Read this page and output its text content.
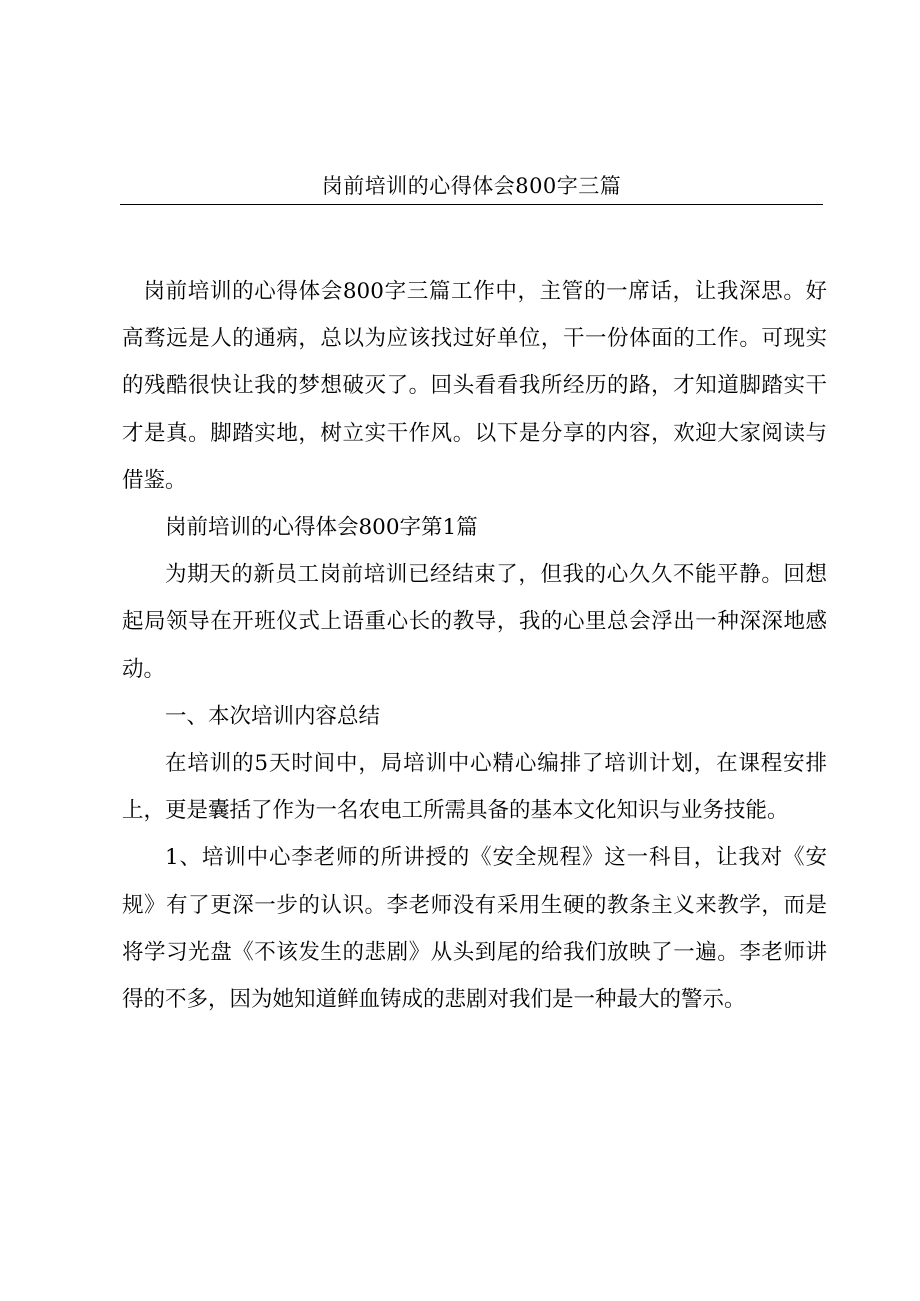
岗前培训的心得体会800字三篇

岗前培训的心得体会800字三篇工作中，主管的一席话，让我深思。好高骛远是人的通病，总以为应该找过好单位，干一份体面的工作。可现实的残酷很快让我的梦想破灭了。回头看看我所经历的路，才知道脚踏实干才是真。脚踏实地，树立实干作风。以下是分享的内容，欢迎大家阅读与借鉴。

岗前培训的心得体会800字第1篇

为期天的新员工岗前培训已经结束了，但我的心久久不能平静。回想起局领导在开班仪式上语重心长的教导，我的心里总会浮出一种深深地感动。

一、本次培训内容总结

在培训的5天时间中，局培训中心精心编排了培训计划，在课程安排上，更是囊括了作为一名农电工所需具备的基本文化知识与业务技能。

1、培训中心李老师的所讲授的《安全规程》这一科目，让我对《安规》有了更深一步的认识。李老师没有采用生硬的教条主义来教学，而是将学习光盘《不该发生的悲剧》从头到尾的给我们放映了一遍。李老师讲得的不多，因为她知道鲜血铸成的悲剧对我们是一种最大的警示。
